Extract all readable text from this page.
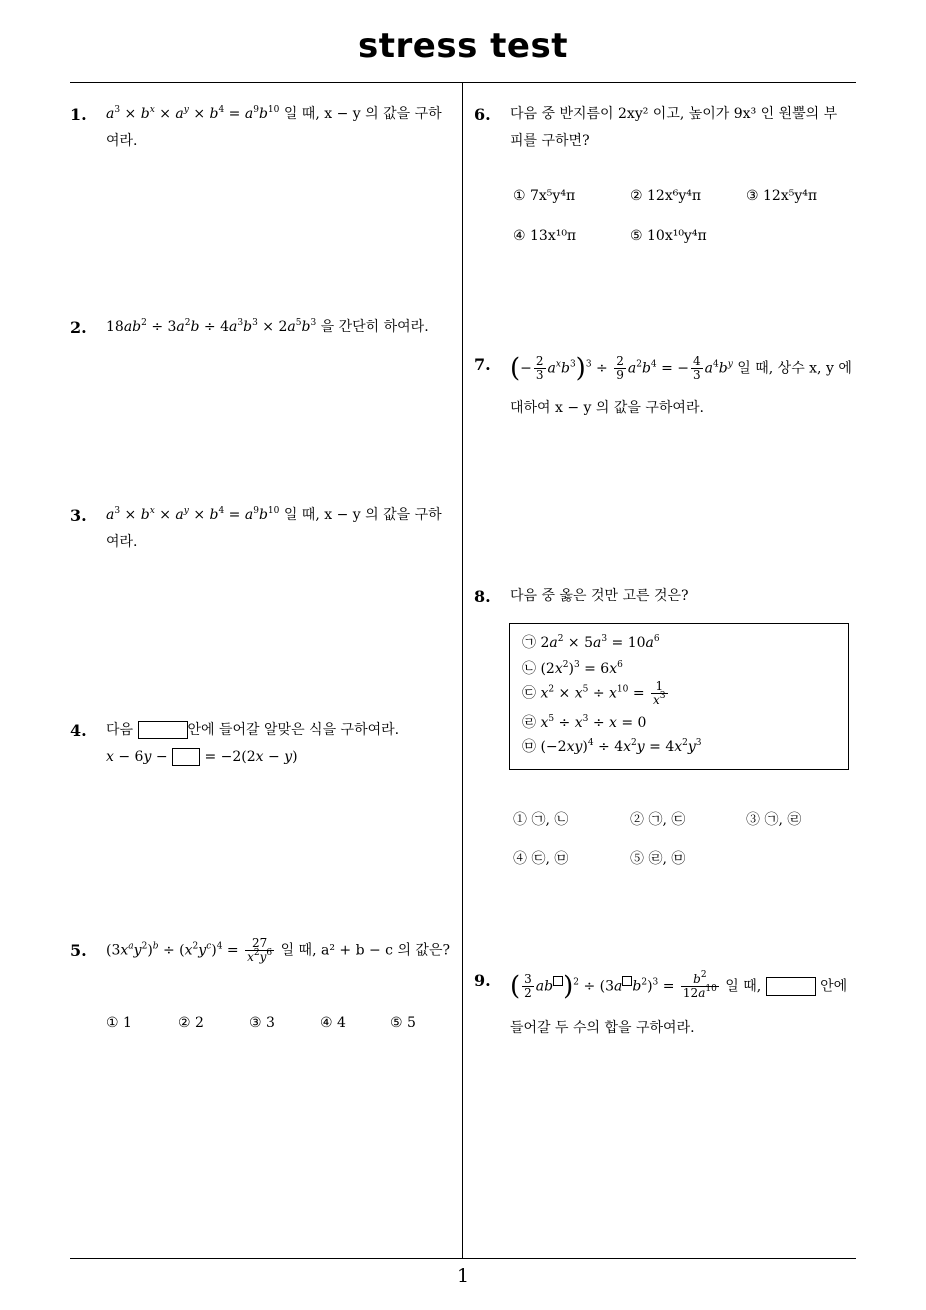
stress test
1
1. $a^3 \times b^x \times a^y \times b^4 = a^9b^{10}$ 일 때, x − y 의 값을 구하
여라.
2. $18ab^2 \div 3a^2b \div 4a^3b^3 \times 2a^5b^3$ 을 간단히 하여라.
3. $a^3 \times b^x \times a^y \times b^4 = a^9b^{10}$ 일 때, x − y 의 값을 구하
여라.
4. 다음	안에 들어갈 알맞은 식을 구하여라.
x − 6y −  = −2(2x − y)
5. $(3x^ay^2)^b \div (x^2y^c)^4 = \frac{27}{x^2y^6}$ 일 때, a² + b − c 의 값은?
① 1	② 2	③ 3	④ 4	⑤ 5
6. 다음 중 반지름이 2xy² 이고, 높이가 9x³ 인 원뿔의 부
피를 구하면?
① 7x⁵y⁴π	② 12x⁶y⁴π	③ 12x⁵y⁴π
④ 13x¹⁰π	⑤ 10x¹⁰y⁴π
7. (− $\frac{2}{3} a^xb^3)^3 \div \frac{2}{9} a^2b^4$ = − $\frac{4}{3} a^4b^y$ 일 때, 상수 x, y 에
대하여 x − y 의 값을 구하여라.
8. 다음 중 옳은 것만 고른 것은?
㉠ $2a^2 \times 5a^3 = 10a^6$
㉡ $(2x^2)^3 = 6x^6$
㉢ $x^2 \times x^5 \div x^{10} = \frac{1}{x^3}$
㉣ $x^5 \div x^3 \div x = 0$
㉤ $(-2xy)^4 \div 4x^2y = 4x^2y^3$
① ㉠, ㉡	② ㉠, ㉢	③ ㉠, ㉣
④ ㉢, ㉤	⑤ ㉣, ㉤
9. ( $\frac{3}{2}$ ab )$^2$ ÷ (3a $b^2)^3 = \frac{b^2}{12a^{10}}$ 일 때,	안에
들어갈 두 수의 합을 구하여라.
